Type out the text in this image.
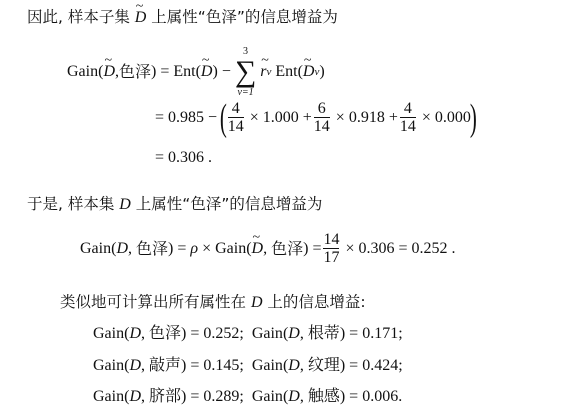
因此, 样本子集 D ~ 上属性“色泽”的信息增益为
Gain ( D ~ , 色泽 ) = Ent ( D ~ ) −
3
∑
v=1
r ~ v
Ent ( D ~ v )
= 0.985 −
( $\frac{4}{14} \times 1.000 + \frac{6}{14} \times 0.918 + \frac{4}{14} \times 0.000$
)
= 0.306 .
于是, 样本集 D 上属性“色泽”的信息增益为
Gain ( D , 色泽 ) = ρ × Gain ( D ~ , 色泽 ) = $\frac{14}{17} \times 0.306 = 0.252$ .
类似地可计算出所有属性在 D 上的信息增益:
Gain(D, 色泽) = 0.252; Gain(D, 根蒂) = 0.171;
Gain(D, 敲声) = 0.145; Gain(D, 纹理) = 0.424;
Gain(D, 脐部) = 0.289; Gain(D, 触感) = 0.006.
